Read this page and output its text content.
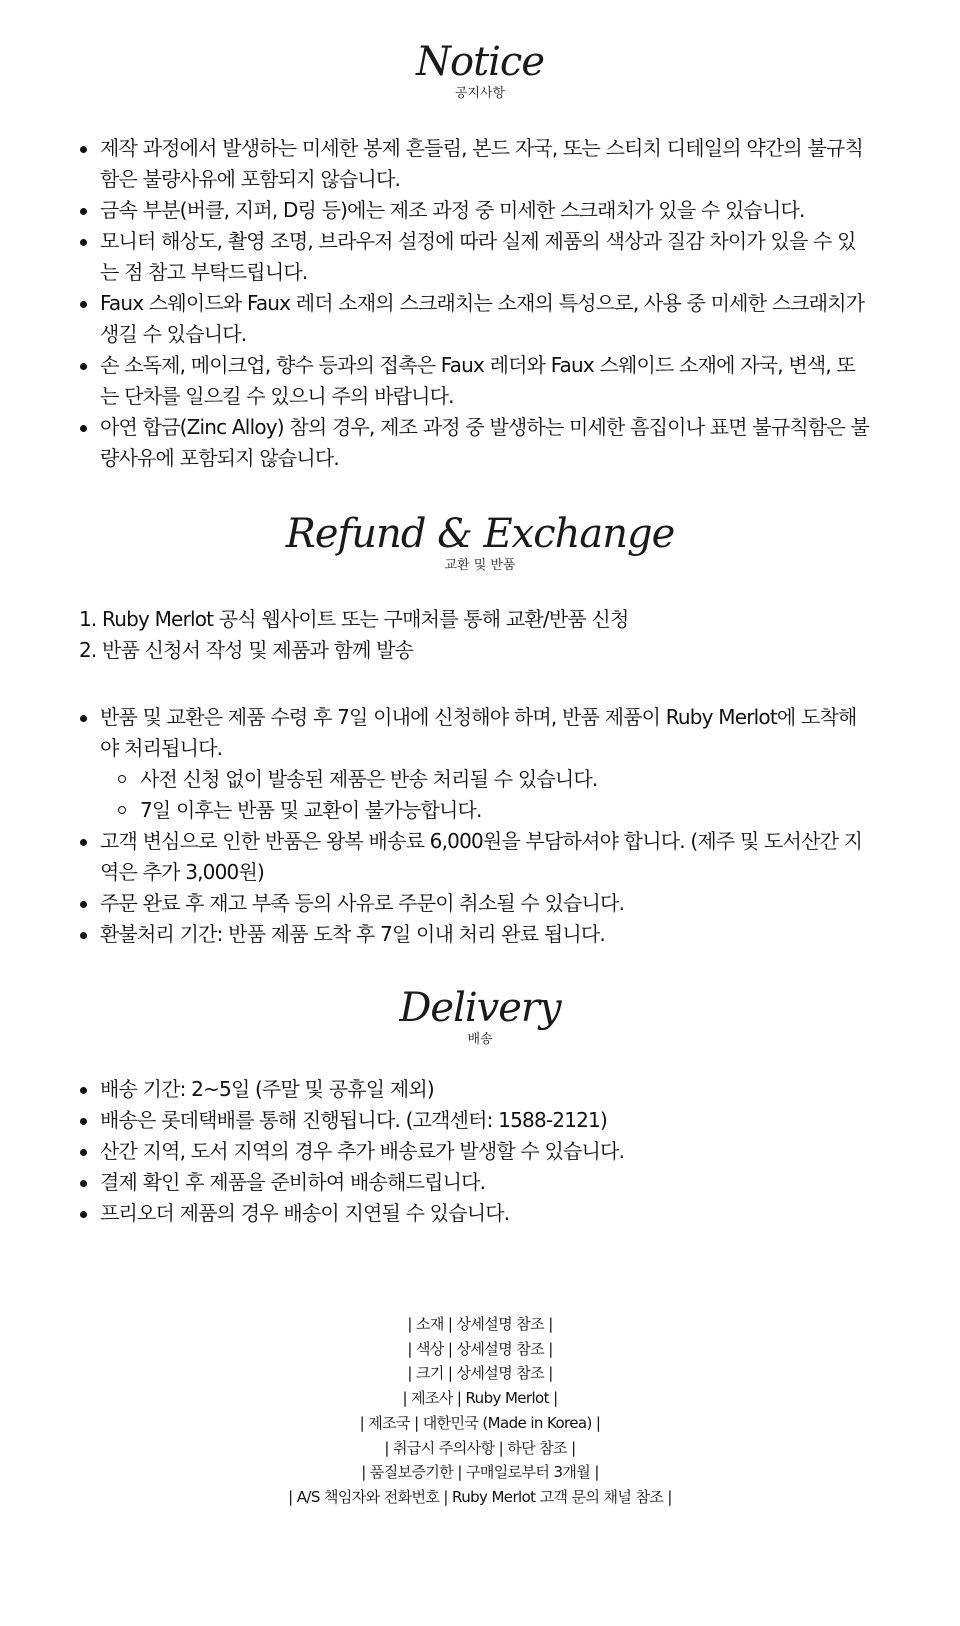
Notice
공지사항
제작 과정에서 발생하는 미세한 봉제 흔들림, 본드 자국, 또는 스티치 디테일의 약간의 불규칙함은 불량사유에 포함되지 않습니다.
금속 부분(버클, 지퍼, D링 등)에는 제조 과정 중 미세한 스크래치가 있을 수 있습니다.
모니터 해상도, 촬영 조명, 브라우저 설정에 따라 실제 제품의 색상과 질감 차이가 있을 수 있는 점 참고 부탁드립니다.
Faux 스웨이드와 Faux 레더 소재의 스크래치는 소재의 특성으로, 사용 중 미세한 스크래치가 생길 수 있습니다.
손 소독제, 메이크업, 향수 등과의 접촉은 Faux 레더와 Faux 스웨이드 소재에 자국, 변색, 또는 단차를 일으킬 수 있으니 주의 바랍니다.
아연 합금(Zinc Alloy) 참의 경우, 제조 과정 중 발생하는 미세한 흠집이나 표면 불규칙함은 불량사유에 포함되지 않습니다.
Refund & Exchange
교환 및 반품
1. Ruby Merlot 공식 웹사이트 또는 구매처를 통해 교환/반품 신청
2. 반품 신청서 작성 및 제품과 함께 발송
반품 및 교환은 제품 수령 후 7일 이내에 신청해야 하며, 반품 제품이 Ruby Merlot에 도착해야 처리됩니다.
사전 신청 없이 발송된 제품은 반송 처리될 수 있습니다.
7일 이후는 반품 및 교환이 불가능합니다.
고객 변심으로 인한 반품은 왕복 배송료 6,000원을 부담하셔야 합니다. (제주 및 도서산간 지역은 추가 3,000원)
주문 완료 후 재고 부족 등의 사유로 주문이 취소될 수 있습니다.
환불처리 기간: 반품 제품 도착 후 7일 이내 처리 완료 됩니다.
Delivery
배송
배송 기간: 2~5일 (주말 및 공휴일 제외)
배송은 롯데택배를 통해 진행됩니다. (고객센터: 1588-2121)
산간 지역, 도서 지역의 경우 추가 배송료가 발생할 수 있습니다.
결제 확인 후 제품을 준비하여 배송해드립니다.
프리오더 제품의 경우 배송이 지연될 수 있습니다.
| 소재 | 상세설명 참조 |
| 색상 | 상세설명 참조 |
| 크기 | 상세설명 참조 |
| 제조사 | Ruby Merlot |
| 제조국 | 대한민국 (Made in Korea) |
| 취급시 주의사항 | 하단 참조 |
| 품질보증기한 | 구매일로부터 3개월 |
| A/S 책임자와 전화번호 | Ruby Merlot 고객 문의 채널 참조 |
